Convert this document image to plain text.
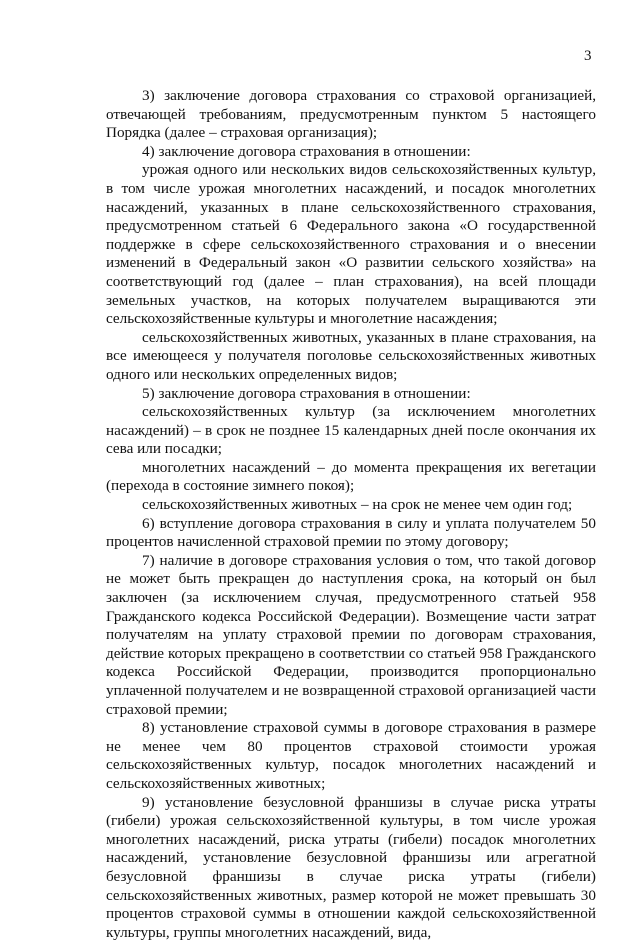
3

3) заключение договора страхования со страховой организацией, отвечающей требованиям, предусмотренным пунктом 5 настоящего Порядка (далее – страховая организация);

4) заключение договора страхования в отношении:

урожая одного или нескольких видов сельскохозяйственных культур, в том числе урожая многолетних насаждений, и посадок многолетних насаждений, указанных в плане сельскохозяйственного страхования, предусмотренном статьей 6 Федерального закона «О государственной поддержке в сфере сельскохозяйственного страхования и о внесении изменений в Федеральный закон «О развитии сельского хозяйства» на соответствующий год (далее – план страхования), на всей площади земельных участков, на которых получателем выращиваются эти сельскохозяйственные культуры и многолетние насаждения;

сельскохозяйственных животных, указанных в плане страхования, на все имеющееся у получателя поголовье сельскохозяйственных животных одного или нескольких определенных видов;

5) заключение договора страхования в отношении:

сельскохозяйственных культур (за исключением многолетних насаждений) – в срок не позднее 15 календарных дней после окончания их сева или посадки;

многолетних насаждений – до момента прекращения их вегетации (перехода в состояние зимнего покоя);

сельскохозяйственных животных – на срок не менее чем один год;

6) вступление договора страхования в силу и уплата получателем 50 процентов начисленной страховой премии по этому договору;

7) наличие в договоре страхования условия о том, что такой договор не может быть прекращен до наступления срока, на который он был заключен (за исключением случая, предусмотренного статьей 958 Гражданского кодекса Российской Федерации). Возмещение части затрат получателям на уплату страховой премии по договорам страхования, действие которых прекращено в соответствии со статьей 958 Гражданского кодекса Российской Федерации, производится пропорционально уплаченной получателем и не возвращенной страховой организацией части страховой премии;

8) установление страховой суммы в договоре страхования в размере не менее чем 80 процентов страховой стоимости урожая сельскохозяйственных культур, посадок многолетних насаждений и сельскохозяйственных животных;

9) установление безусловной франшизы в случае риска утраты (гибели) урожая сельскохозяйственной культуры, в том числе урожая многолетних насаждений, риска утраты (гибели) посадок многолетних насаждений, установление безусловной франшизы или агрегатной безусловной франшизы в случае риска утраты (гибели) сельскохозяйственных животных, размер которой не может превышать 30 процентов страховой суммы в отношении каждой сельскохозяйственной культуры, группы многолетних насаждений, вида,
